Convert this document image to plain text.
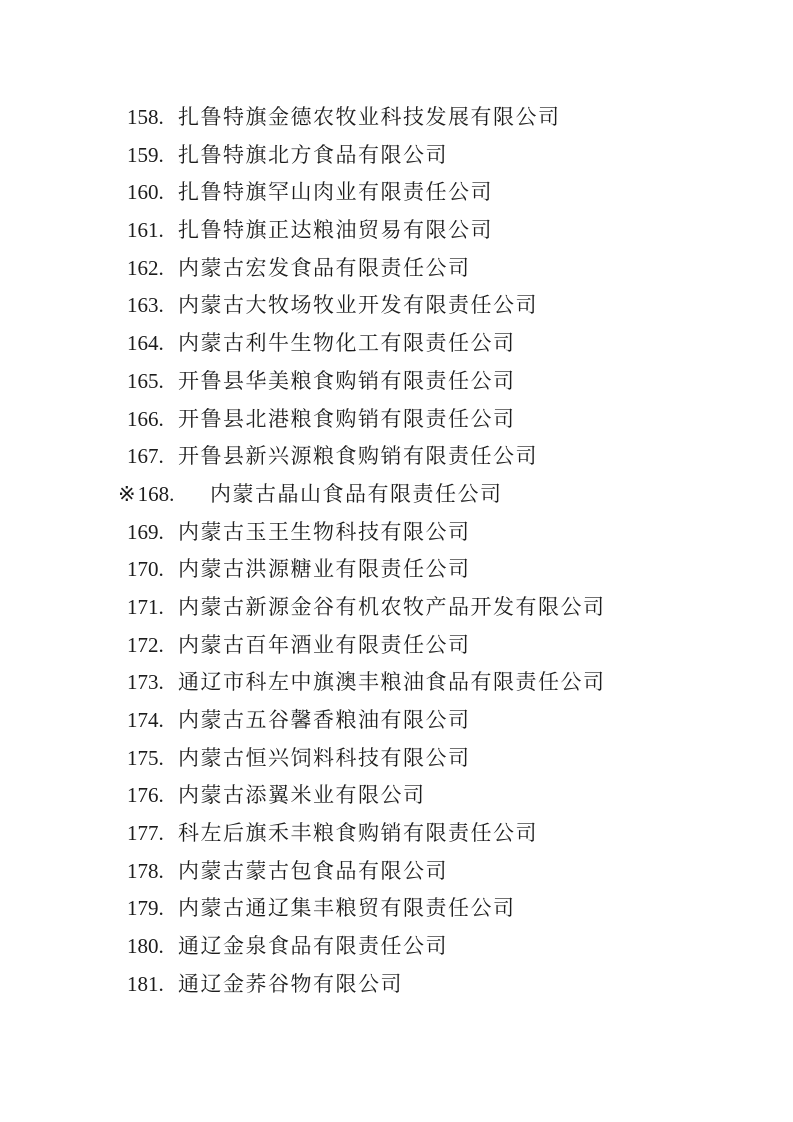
158. 扎鲁特旗金德农牧业科技发展有限公司
159. 扎鲁特旗北方食品有限公司
160. 扎鲁特旗罕山肉业有限责任公司
161. 扎鲁特旗正达粮油贸易有限公司
162. 内蒙古宏发食品有限责任公司
163. 内蒙古大牧场牧业开发有限责任公司
164. 内蒙古利牛生物化工有限责任公司
165. 开鲁县华美粮食购销有限责任公司
166. 开鲁县北港粮食购销有限责任公司
167. 开鲁县新兴源粮食购销有限责任公司
※168. 内蒙古晶山食品有限责任公司
169. 内蒙古玉王生物科技有限公司
170. 内蒙古洪源糖业有限责任公司
171. 内蒙古新源金谷有机农牧产品开发有限公司
172. 内蒙古百年酒业有限责任公司
173. 通辽市科左中旗澳丰粮油食品有限责任公司
174. 内蒙古五谷馨香粮油有限公司
175. 内蒙古恒兴饲料科技有限公司
176. 内蒙古添翼米业有限公司
177. 科左后旗禾丰粮食购销有限责任公司
178. 内蒙古蒙古包食品有限公司
179. 内蒙古通辽集丰粮贸有限责任公司
180. 通辽金泉食品有限责任公司
181. 通辽金荞谷物有限公司
